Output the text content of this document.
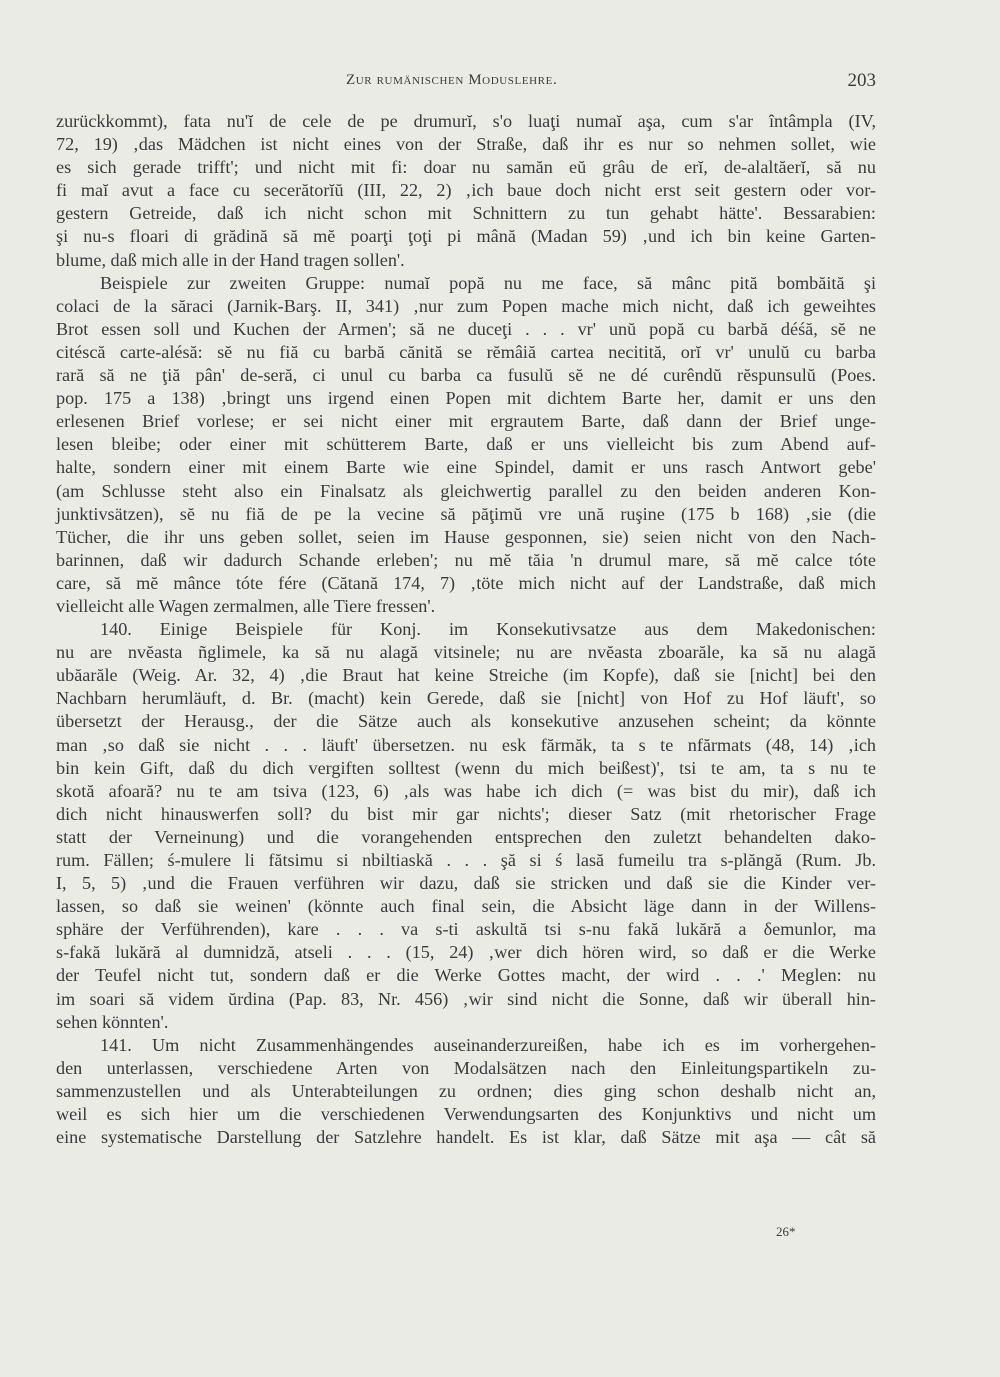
Zur rumänischen Moduslehre.	203
zurückkommt), fata nu'ĭ de cele de pe drumurĭ, s'o luaţi numaĭ aşa, cum s'ar întâmpla (IV,
72, 19) ‚das Mädchen ist nicht eines von der Straße, daß ihr es nur so nehmen sollet, wie
es sich gerade trifft'; und nicht mit fi: doar nu samăn eŭ grâu de erĭ, de-alaltăerĭ, să nu
fi maĭ avut a face cu secerătorĭŭ (III, 22, 2) ‚ich baue doch nicht erst seit gestern oder vor-
gestern Getreide, daß ich nicht schon mit Schnittern zu tun gehabt hätte'. Bessarabien:
şi nu-s floari di grădină să mĕ poarţi ţoţi pi mână (Madan 59) ‚und ich bin keine Garten-
blume, daß mich alle in der Hand tragen sollen'.
Beispiele zur zweiten Gruppe: numaĭ popă nu me face, să mânc pită bombăită şi
colaci de la săraci (Jarnik-Barş. II, 341) ‚nur zum Popen mache mich nicht, daß ich geweihtes
Brot essen soll und Kuchen der Armen'; să ne duceţi . . . vr' unŭ popă cu barbă déśă, sĕ ne
citéscă carte-alésă: sĕ nu fiă cu barbă cănită se rĕmâiă cartea necitită, orĭ vr' unulŭ cu barba
rară să ne ţiă pân' de-seră, ci unul cu barba ca fusulŭ sĕ ne dé curêndŭ rĕspunsulŭ (Poes.
pop. 175 a 138) ‚bringt uns irgend einen Popen mit dichtem Barte her, damit er uns den
erlesenen Brief vorlese; er sei nicht einer mit ergrautem Barte, daß dann der Brief unge-
lesen bleibe; oder einer mit schütterem Barte, daß er uns vielleicht bis zum Abend auf-
halte, sondern einer mit einem Barte wie eine Spindel, damit er uns rasch Antwort gebe'
(am Schlusse steht also ein Finalsatz als gleichwertig parallel zu den beiden anderen Kon-
junktivsätzen), sĕ nu fiă de pe la vecine să păţimŭ vre ună ruşine (175 b 168) ‚sie (die
Tücher, die ihr uns geben sollet, seien im Hause gesponnen, sie) seien nicht von den Nach-
barinnen, daß wir dadurch Schande erleben'; nu mĕ tăia 'n drumul mare, să mĕ calce tóte
care, să mĕ mânce tóte fére (Cătană 174, 7) ‚töte mich nicht auf der Landstraße, daß mich
vielleicht alle Wagen zermalmen, alle Tiere fressen'.
140. Einige Beispiele für Konj. im Konsekutivsatze aus dem Makedonischen:
nu are nvĕasta ñglimele, ka să nu alagă vitsinele; nu are nvĕasta zboarăle, ka să nu alagă
ubăarăle (Weig. Ar. 32, 4) ‚die Braut hat keine Streiche (im Kopfe), daß sie [nicht] bei den
Nachbarn herumläuft, d. Br. (macht) kein Gerede, daß sie [nicht] von Hof zu Hof läuft', so
übersetzt der Herausg., der die Sätze auch als konsekutive anzusehen scheint; da könnte
man ‚so daß sie nicht . . . läuft' übersetzen. nu esk fărmăk, ta s te nfărmats (48, 14) ‚ich
bin kein Gift, daß du dich vergiften solltest (wenn du mich beißest)', tsi te am, ta s nu te
skotă afoară? nu te am tsiva (123, 6) ‚als was habe ich dich (= was bist du mir), daß ich
dich nicht hinauswerfen soll? du bist mir gar nichts'; dieser Satz (mit rhetorischer Frage
statt der Verneinung) und die vorangehenden entsprechen den zuletzt behandelten dako-
rum. Fällen; ś-mulere li fătsimu si nbiltiaskă . . . şă si ś lasă fumeilu tra s-plăngă (Rum. Jb.
I, 5, 5) ‚und die Frauen verführen wir dazu, daß sie stricken und daß sie die Kinder ver-
lassen, so daß sie weinen' (könnte auch final sein, die Absicht läge dann in der Willens-
sphäre der Verführenden), kare . . . va s-ti askultă tsi s-nu fakă lukără a δemunlor, ma
s-fakă lukără al dumnidză, atseli . . . (15, 24) ‚wer dich hören wird, so daß er die Werke
der Teufel nicht tut, sondern daß er die Werke Gottes macht, der wird . . .' Meglen: nu
im soari să videm ŭrdina (Pap. 83, Nr. 456) ‚wir sind nicht die Sonne, daß wir überall hin-
sehen könnten'.
141. Um nicht Zusammenhängendes auseinanderzureißen, habe ich es im vorhergehen-
den unterlassen, verschiedene Arten von Modalsätzen nach den Einleitungspartikeln zu-
sammenzustellen und als Unterabteilungen zu ordnen; dies ging schon deshalb nicht an,
weil es sich hier um die verschiedenen Verwendungsarten des Konjunktivs und nicht um
eine systematische Darstellung der Satzlehre handelt. Es ist klar, daß Sätze mit aşa — cât să
26*
